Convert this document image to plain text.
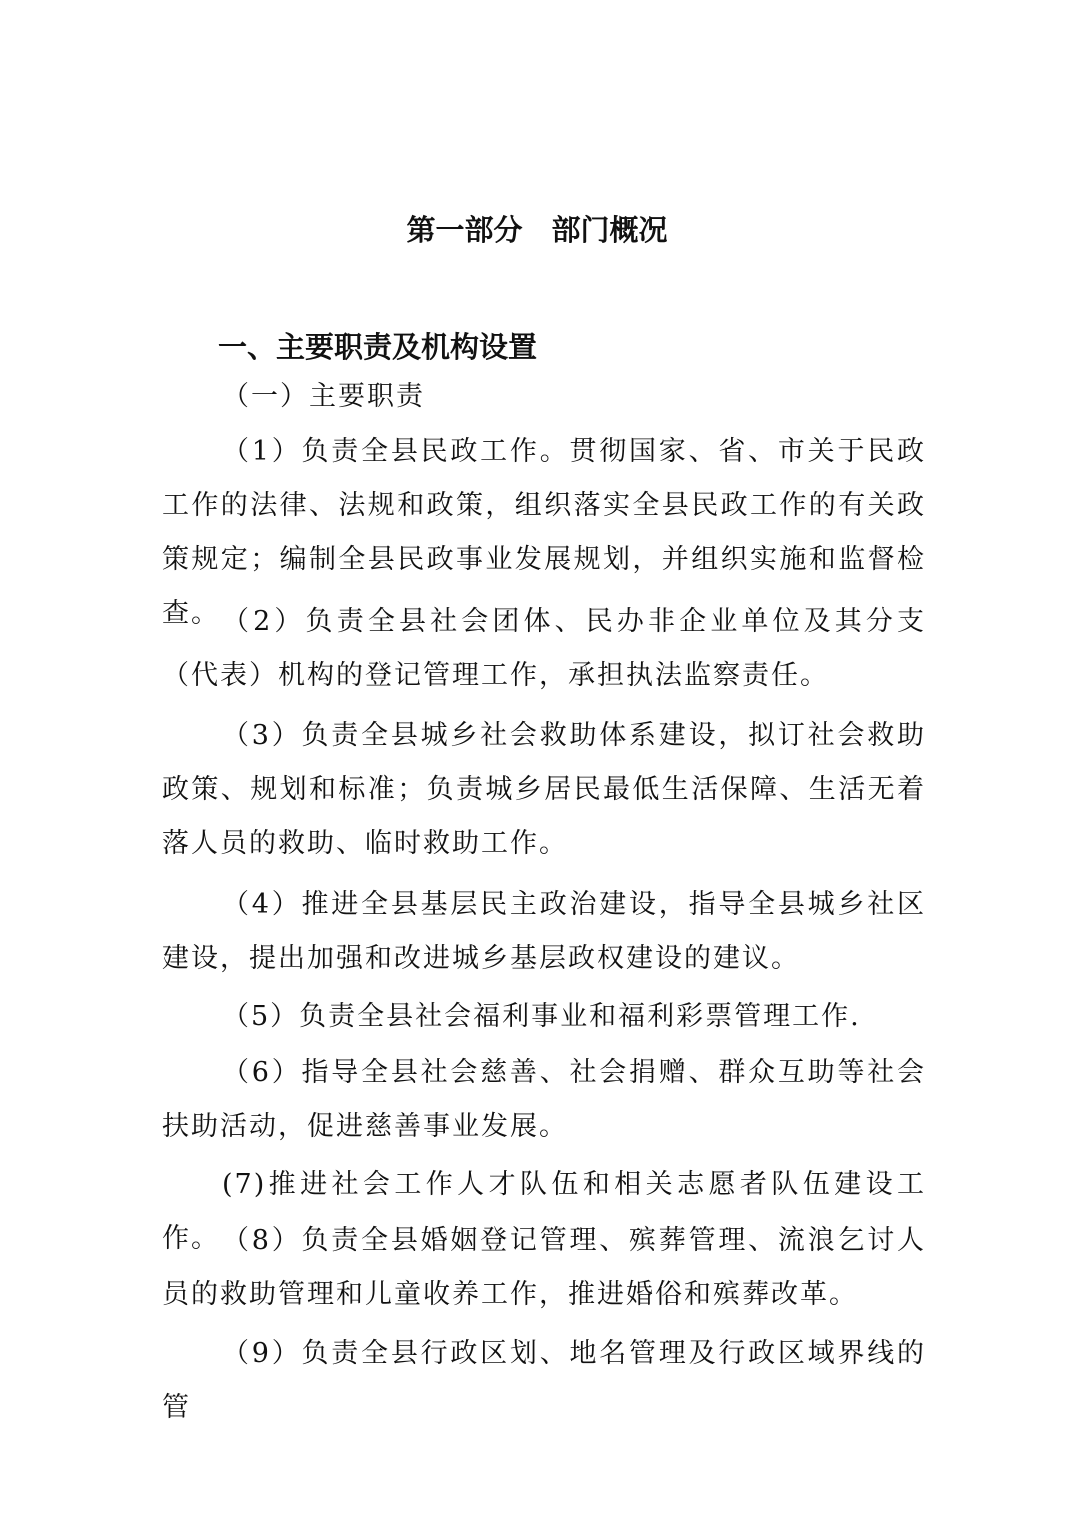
第一部分　部门概况
一、主要职责及机构设置
（一）主要职责
（1）负责全县民政工作。贯彻国家、省、市关于民政工作的法律、法规和政策，组织落实全县民政工作的有关政策规定；编制全县民政事业发展规划，并组织实施和监督检查。 （2）负责全县社会团体、民办非企业单位及其分支（代表）机构的登记管理工作，承担执法监察责任。
（3）负责全县城乡社会救助体系建设，拟订社会救助政策、规划和标准；负责城乡居民最低生活保障、生活无着落人员的救助、临时救助工作。
（4）推进全县基层民主政治建设，指导全县城乡社区建设，提出加强和改进城乡基层政权建设的建议。
（5）负责全县社会福利事业和福利彩票管理工作.
（6）指导全县社会慈善、社会捐赠、群众互助等社会扶助活动，促进慈善事业发展。
(7)推进社会工作人才队伍和相关志愿者队伍建设工作。 （8）负责全县婚姻登记管理、殡葬管理、流浪乞讨人员的救助管理和儿童收养工作，推进婚俗和殡葬改革。
（9）负责全县行政区划、地名管理及行政区域界线的管
